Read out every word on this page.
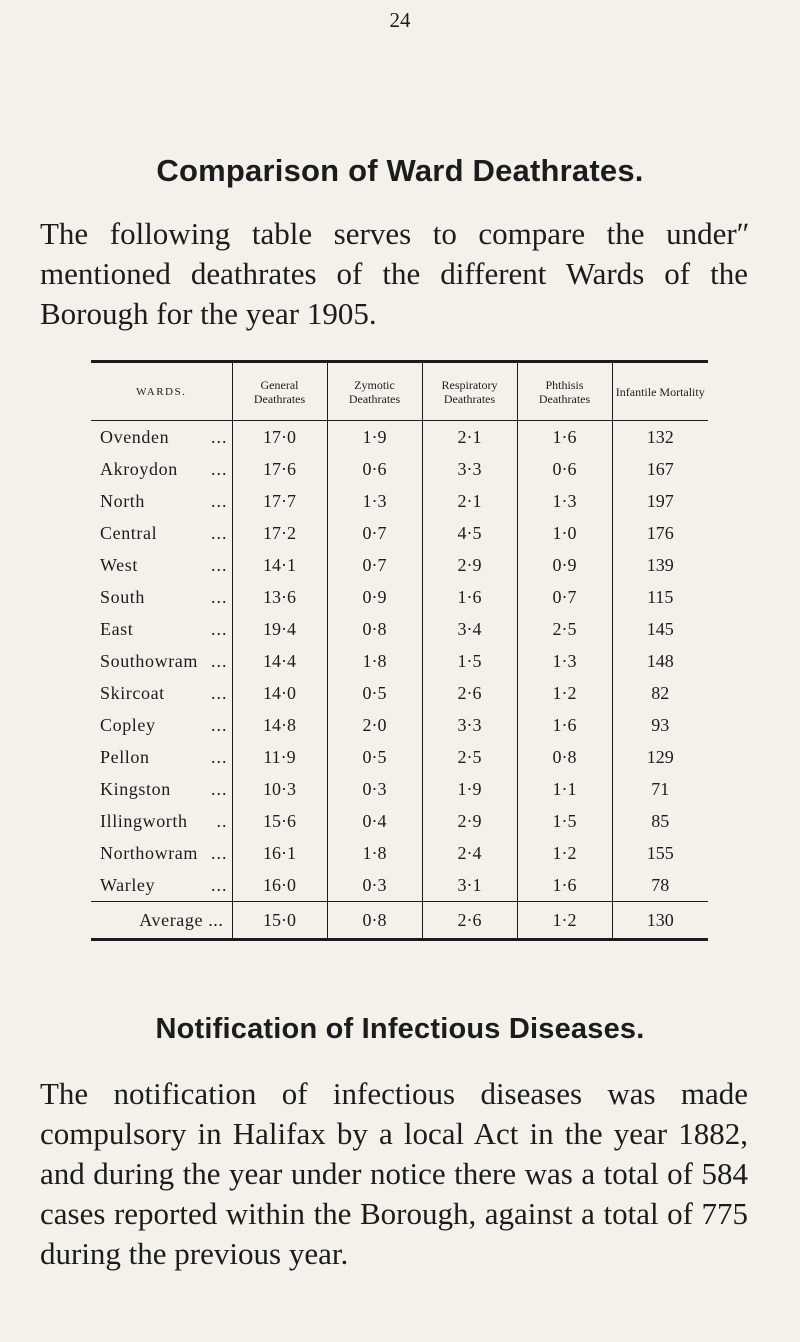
24
Comparison of Ward Deathrates.
The following table serves to compare the underʺ mentioned deathrates of the different Wards of the Borough for the year 1905.
WARDS.	General Deathrates	Zymotic Deathrates	Respiratory Deathrates	Phthisis Deathrates	Infantile Mortality
Ovenden ...	17·0	1·9	2·1	1·6	132
Akroydon ...	17·6	0·6	3·3	0·6	167
North ...	17·7	1·3	2·1	1·3	197
Central ...	17·2	0·7	4·5	1·0	176
West ...	14·1	0·7	2·9	0·9	139
South ...	13·6	0·9	1·6	0·7	115
East ...	19·4	0·8	3·4	2·5	145
Southowram ...	14·4	1·8	1·5	1·3	148
Skircoat ...	14·0	0·5	2·6	1·2	82
Copley ...	14·8	2·0	3·3	1·6	93
Pellon ...	11·9	0·5	2·5	0·8	129
Kingston ...	10·3	0·3	1·9	1·1	71
Illingworth ..	15·6	0·4	2·9	1·5	85
Northowram ...	16·1	1·8	2·4	1·2	155
Warley ...	16·0	0·3	3·1	1·6	78
Average ...	15·0	0·8	2·6	1·2	130
Notification of Infectious Diseases.
The notification of infectious diseases was made compulsory in Halifax by a local Act in the year 1882, and during the year under notice there was a total of 584 cases reported within the Borough, against a total of 775 during the previous year.
